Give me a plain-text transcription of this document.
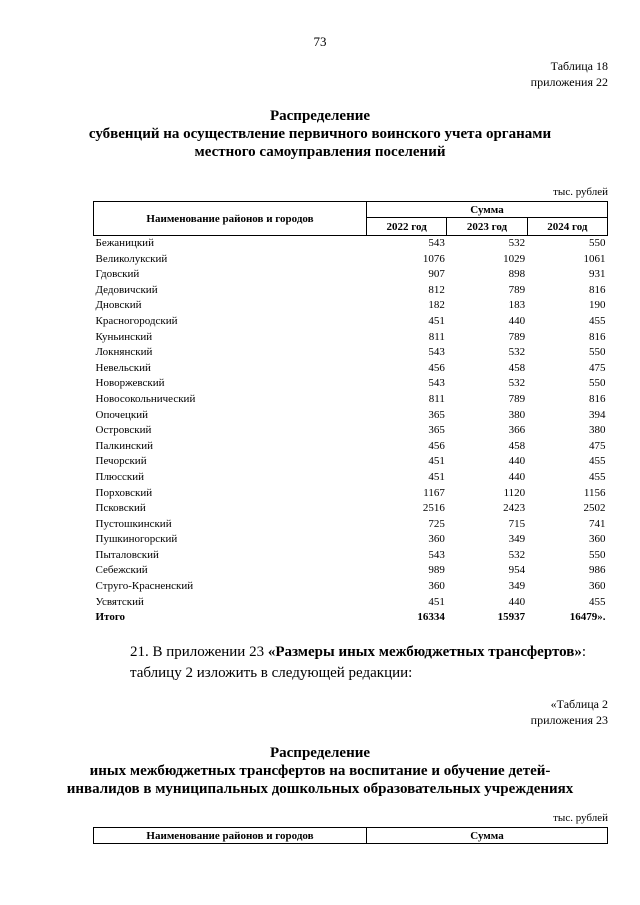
73
Таблица 18
приложения 22
Распределение
субвенций на осуществление первичного воинского учета органами
местного самоуправления поселений
тыс. рублей
Наименование районов и городов	Сумма		
	2022 год	2023 год	2024 год
Бежаницкий	543	532	550
Великолукский	1076	1029	1061
Гдовский	907	898	931
Дедовичский	812	789	816
Дновский	182	183	190
Красногородский	451	440	455
Куньинский	811	789	816
Локнянский	543	532	550
Невельский	456	458	475
Новоржевский	543	532	550
Новосокольнический	811	789	816
Опочецкий	365	380	394
Островский	365	366	380
Палкинский	456	458	475
Печорский	451	440	455
Плюсский	451	440	455
Порховский	1167	1120	1156
Псковский	2516	2423	2502
Пустошкинский	725	715	741
Пушкиногорский	360	349	360
Пыталовский	543	532	550
Себежский	989	954	986
Струго-Красненский	360	349	360
Усвятский	451	440	455
Итого	16334	15937	16479».
21. В приложении 23 «Размеры иных межбюджетных трансфертов»: таблицу 2 изложить в следующей редакции:
«Таблица 2
приложения 23
Распределение
иных межбюджетных трансфертов на воспитание и обучение детей-
инвалидов в муниципальных дошкольных образовательных учреждениях
тыс. рублей
Наименование районов и городов	Сумма
